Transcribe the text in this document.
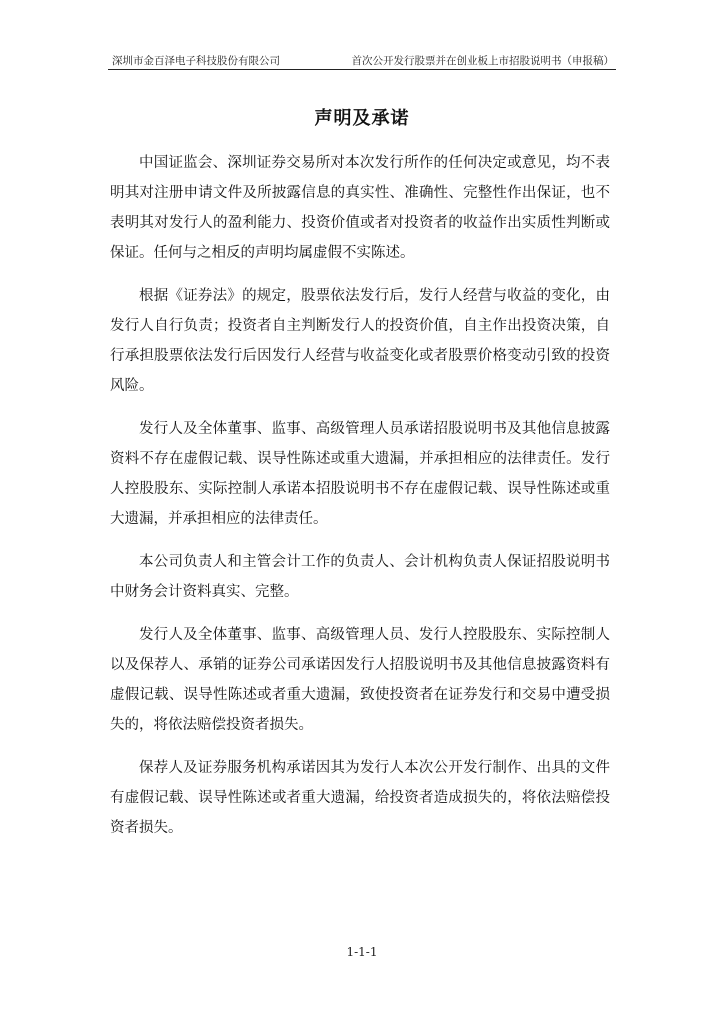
深圳市金百泽电子科技股份有限公司	首次公开发行股票并在创业板上市招股说明书（申报稿）
声明及承诺

中国证监会、深圳证券交易所对本次发行所作的任何决定或意见，均不表明其对注册申请文件及所披露信息的真实性、准确性、完整性作出保证，也不表明其对发行人的盈利能力、投资价值或者对投资者的收益作出实质性判断或保证。任何与之相反的声明均属虚假不实陈述。

根据《证券法》的规定，股票依法发行后，发行人经营与收益的变化，由发行人自行负责；投资者自主判断发行人的投资价值，自主作出投资决策，自行承担股票依法发行后因发行人经营与收益变化或者股票价格变动引致的投资风险。

发行人及全体董事、监事、高级管理人员承诺招股说明书及其他信息披露资料不存在虚假记载、误导性陈述或重大遗漏，并承担相应的法律责任。发行人控股股东、实际控制人承诺本招股说明书不存在虚假记载、误导性陈述或重大遗漏，并承担相应的法律责任。

本公司负责人和主管会计工作的负责人、会计机构负责人保证招股说明书中财务会计资料真实、完整。

发行人及全体董事、监事、高级管理人员、发行人控股股东、实际控制人以及保荐人、承销的证券公司承诺因发行人招股说明书及其他信息披露资料有虚假记载、误导性陈述或者重大遗漏，致使投资者在证券发行和交易中遭受损失的，将依法赔偿投资者损失。

保荐人及证券服务机构承诺因其为发行人本次公开发行制作、出具的文件有虚假记载、误导性陈述或者重大遗漏，给投资者造成损失的，将依法赔偿投资者损失。

1-1-1
